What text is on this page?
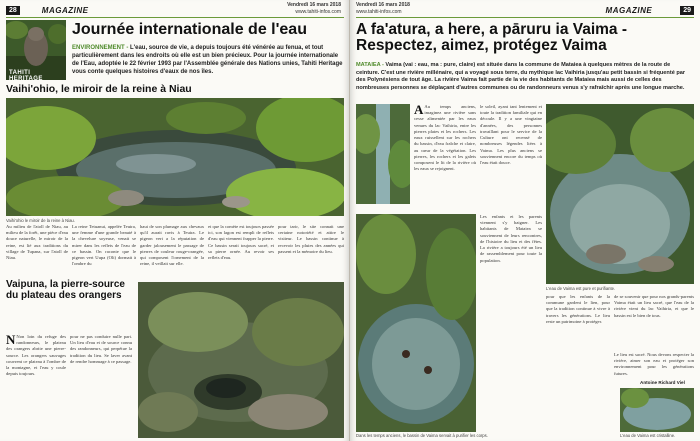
28	MAGAZINE
Vendredi 16 mars 2018
www.tahiti-infos.com
TAHITI HERITAGE
Journée internationale de l'eau
ENVIRONNEMENT - L'eau, source de vie, a depuis toujours été vénérée au fenua, et tout particulièrement dans les endroits où elle est un bien précieux. Pour la journée internationale de l'Eau, adoptée le 22 février 1993 par l'Assemblée générale des Nations unies, Tahiti Heritage vous conte quelques histoires d'eaux de nos îles.
Vaihi'ohio, le miroir de la reine à Niau
Vaihi'ohio le miroir de la reine à Niau.
Au milieu de l'atoll de Niau, au milieu de la forêt, une pièce d'eau douce naturelle, le miroir de la reine, est lié aux traditions du village de Tupana, sur l'atoll de Niau.
La reine Tetuanui, appelée Teuira, une femme d'une grande beauté à la chevelure soyeuse, venait se mirer dans les reflets de l'eau de ce bassin. On raconte que le pigeon vert Uupa (Oli) dormait à l'ombre du
haut de son plumage aux chevaux qu'il aurait ravis à Teuira. Le pigeon vert a la réputation de garder jalousement le passage de pierres de couleur rouge-orangée, qui composent l'ornement de la reine, il veillait sur elle.
et que la comète est toujours passée ici, son lagon est rempli de reflets d'eau qui viennent frapper la pierre. Ce bassin serait toujours sacré, et sa pierre ornée. Au revoir ses reflets d'eau.
pour tarir, le site connait une certaine notoriété et attire le visiteur. Le bassin continue à recevoir les pluies des années qui passent et la mémoire du lieu.
Vaipuna, la pierre-source du plateau des orangers
N Non loin du refuge des randonneurs, le plateau des orangers abrite une pierre-source. Les orangers sauvages couvrent ce plateau à l'ombre de la montagne, et l'eau y coule depuis toujours.
pour ne pas conduire nulle part. Un lieu d'eau et de source connu des randonneurs, qui perpétue la tradition du lieu. Se laver avant de rendre hommage à ce passage.
Vendredi 16 mars 2018
www.tahiti-infos.com	MAGAZINE	29
A fa'atura, a here, a pāruru ia Vaima - Respectez, aimez, protégez Vaima
MATAIEA - Vaima (vai : eau, ma : pure, claire) est située dans la commune de Mataiea à quelques mètres de la route de ceinture. C'est une rivière millénaire, qui a voyagé sous terre, du mythique lac Vaihiria jusqu'au petit bassin si fréquenté par des Polynésiens de tout âge. La rivière Vaima fait partie de la vie des habitants de Mataiea mais aussi de celles des nombreuses personnes se déplaçant d'autres communes ou de randonneurs venus s'y rafraîchir après une longue marche.
A Au temps anciens, imaginez une rivière sans cesse alimentée par les eaux venues du lac Vaihiria, entre les pierres plates et les rochers. Les eaux ruissellent sur les rochers du bassin, d'eau fraîche et claire, au cœur de la végétation. Les pierres, les rochers et les galets composent le lit de la rivière où les eaux se rejoignent.
le soleil, ayant tant lentement et toute la tradition familiale qui en découle. Il y a une vingtaine d'années, des personnes travaillant pour le service de la Culture ont recensé de nombreuses légendes liées à Vaima. Les plus anciens se souviennent encore du temps où l'eau était douce.
L'eau de Vaima est pure et purifiante.
Dans les temps anciens, le bassin de Vaima servait à purifier les corps.
Les enfants et les parents viennent s'y baigner. Les habitants de Mataiea se souviennent de leurs rencontres, de l'histoire du lieu et des fêtes. La rivière a toujours été un lieu de rassemblement pour toute la population.
pour que les enfants de la commune gardent le lien, pour que la tradition continue à vivre à travers les générations. Le lieu reste un patrimoine à protéger.
de se souvenir que pour nos grands-parents Vaima était un lieu sacré, que l'eau de la rivière vient du lac Vaihiria, et que le bassin est le bien de tous.
Le lieu est sacré. Nous devons respecter la rivière, aimer son eau et protéger son environnement pour les générations futures.
Antoine Richard Viel
L'eau de Vaima est cristalline.
